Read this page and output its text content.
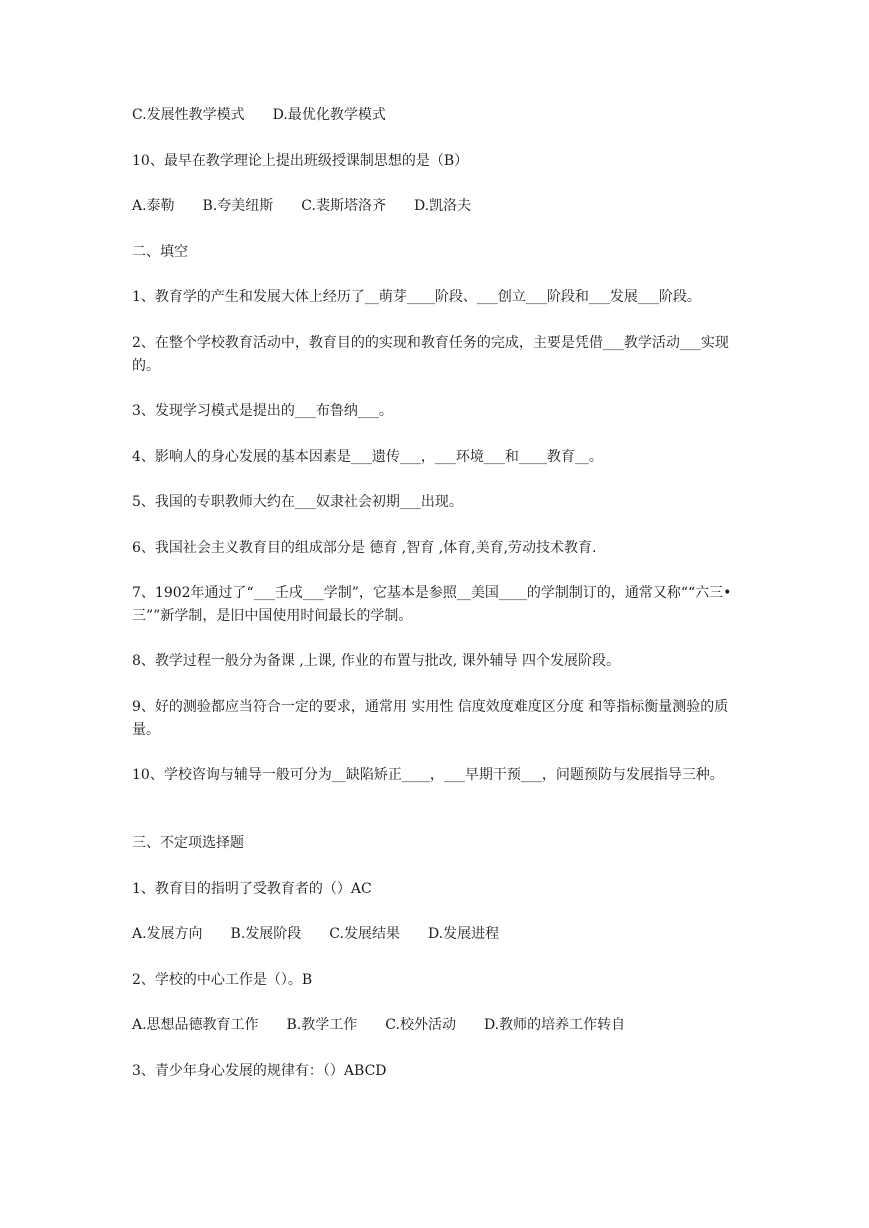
C.发展性教学模式　　D.最优化教学模式
10、最早在教学理论上提出班级授课制思想的是（B）
A.泰勒　　B.夸美纽斯　　C.裴斯塔洛齐　　D.凯洛夫
二、填空
1、教育学的产生和发展大体上经历了__萌芽____阶段、___创立___阶段和___发展___阶段。
2、在整个学校教育活动中，教育目的的实现和教育任务的完成，主要是凭借___教学活动___实现的。
3、发现学习模式是提出的___布鲁纳___。
4、影响人的身心发展的基本因素是___遗传___，___环境___和____教育__。
5、我国的专职教师大约在___奴隶社会初期___出现。
6、我国社会主义教育目的组成部分是 德育 ,智育 ,体育,美育,劳动技术教育.
7、1902年通过了“___壬戌___学制”，它基本是参照__美国____的学制制订的，通常又称““六三•三””新学制，是旧中国使用时间最长的学制。
8、教学过程一般分为备课 ,上课, 作业的布置与批改, 课外辅导 四个发展阶段。
9、好的测验都应当符合一定的要求，通常用 实用性 信度效度难度区分度 和等指标衡量测验的质量。
10、学校咨询与辅导一般可分为__缺陷矫正____，___早期干预___，问题预防与发展指导三种。
三、不定项选择题
1、教育目的指明了受教育者的（）AC
A.发展方向　　B.发展阶段　　C.发展结果　　D.发展进程
2、学校的中心工作是（）。B
A.思想品德教育工作　　B.教学工作　　C.校外活动　　D.教师的培养工作转自
3、青少年身心发展的规律有：（）ABCD
